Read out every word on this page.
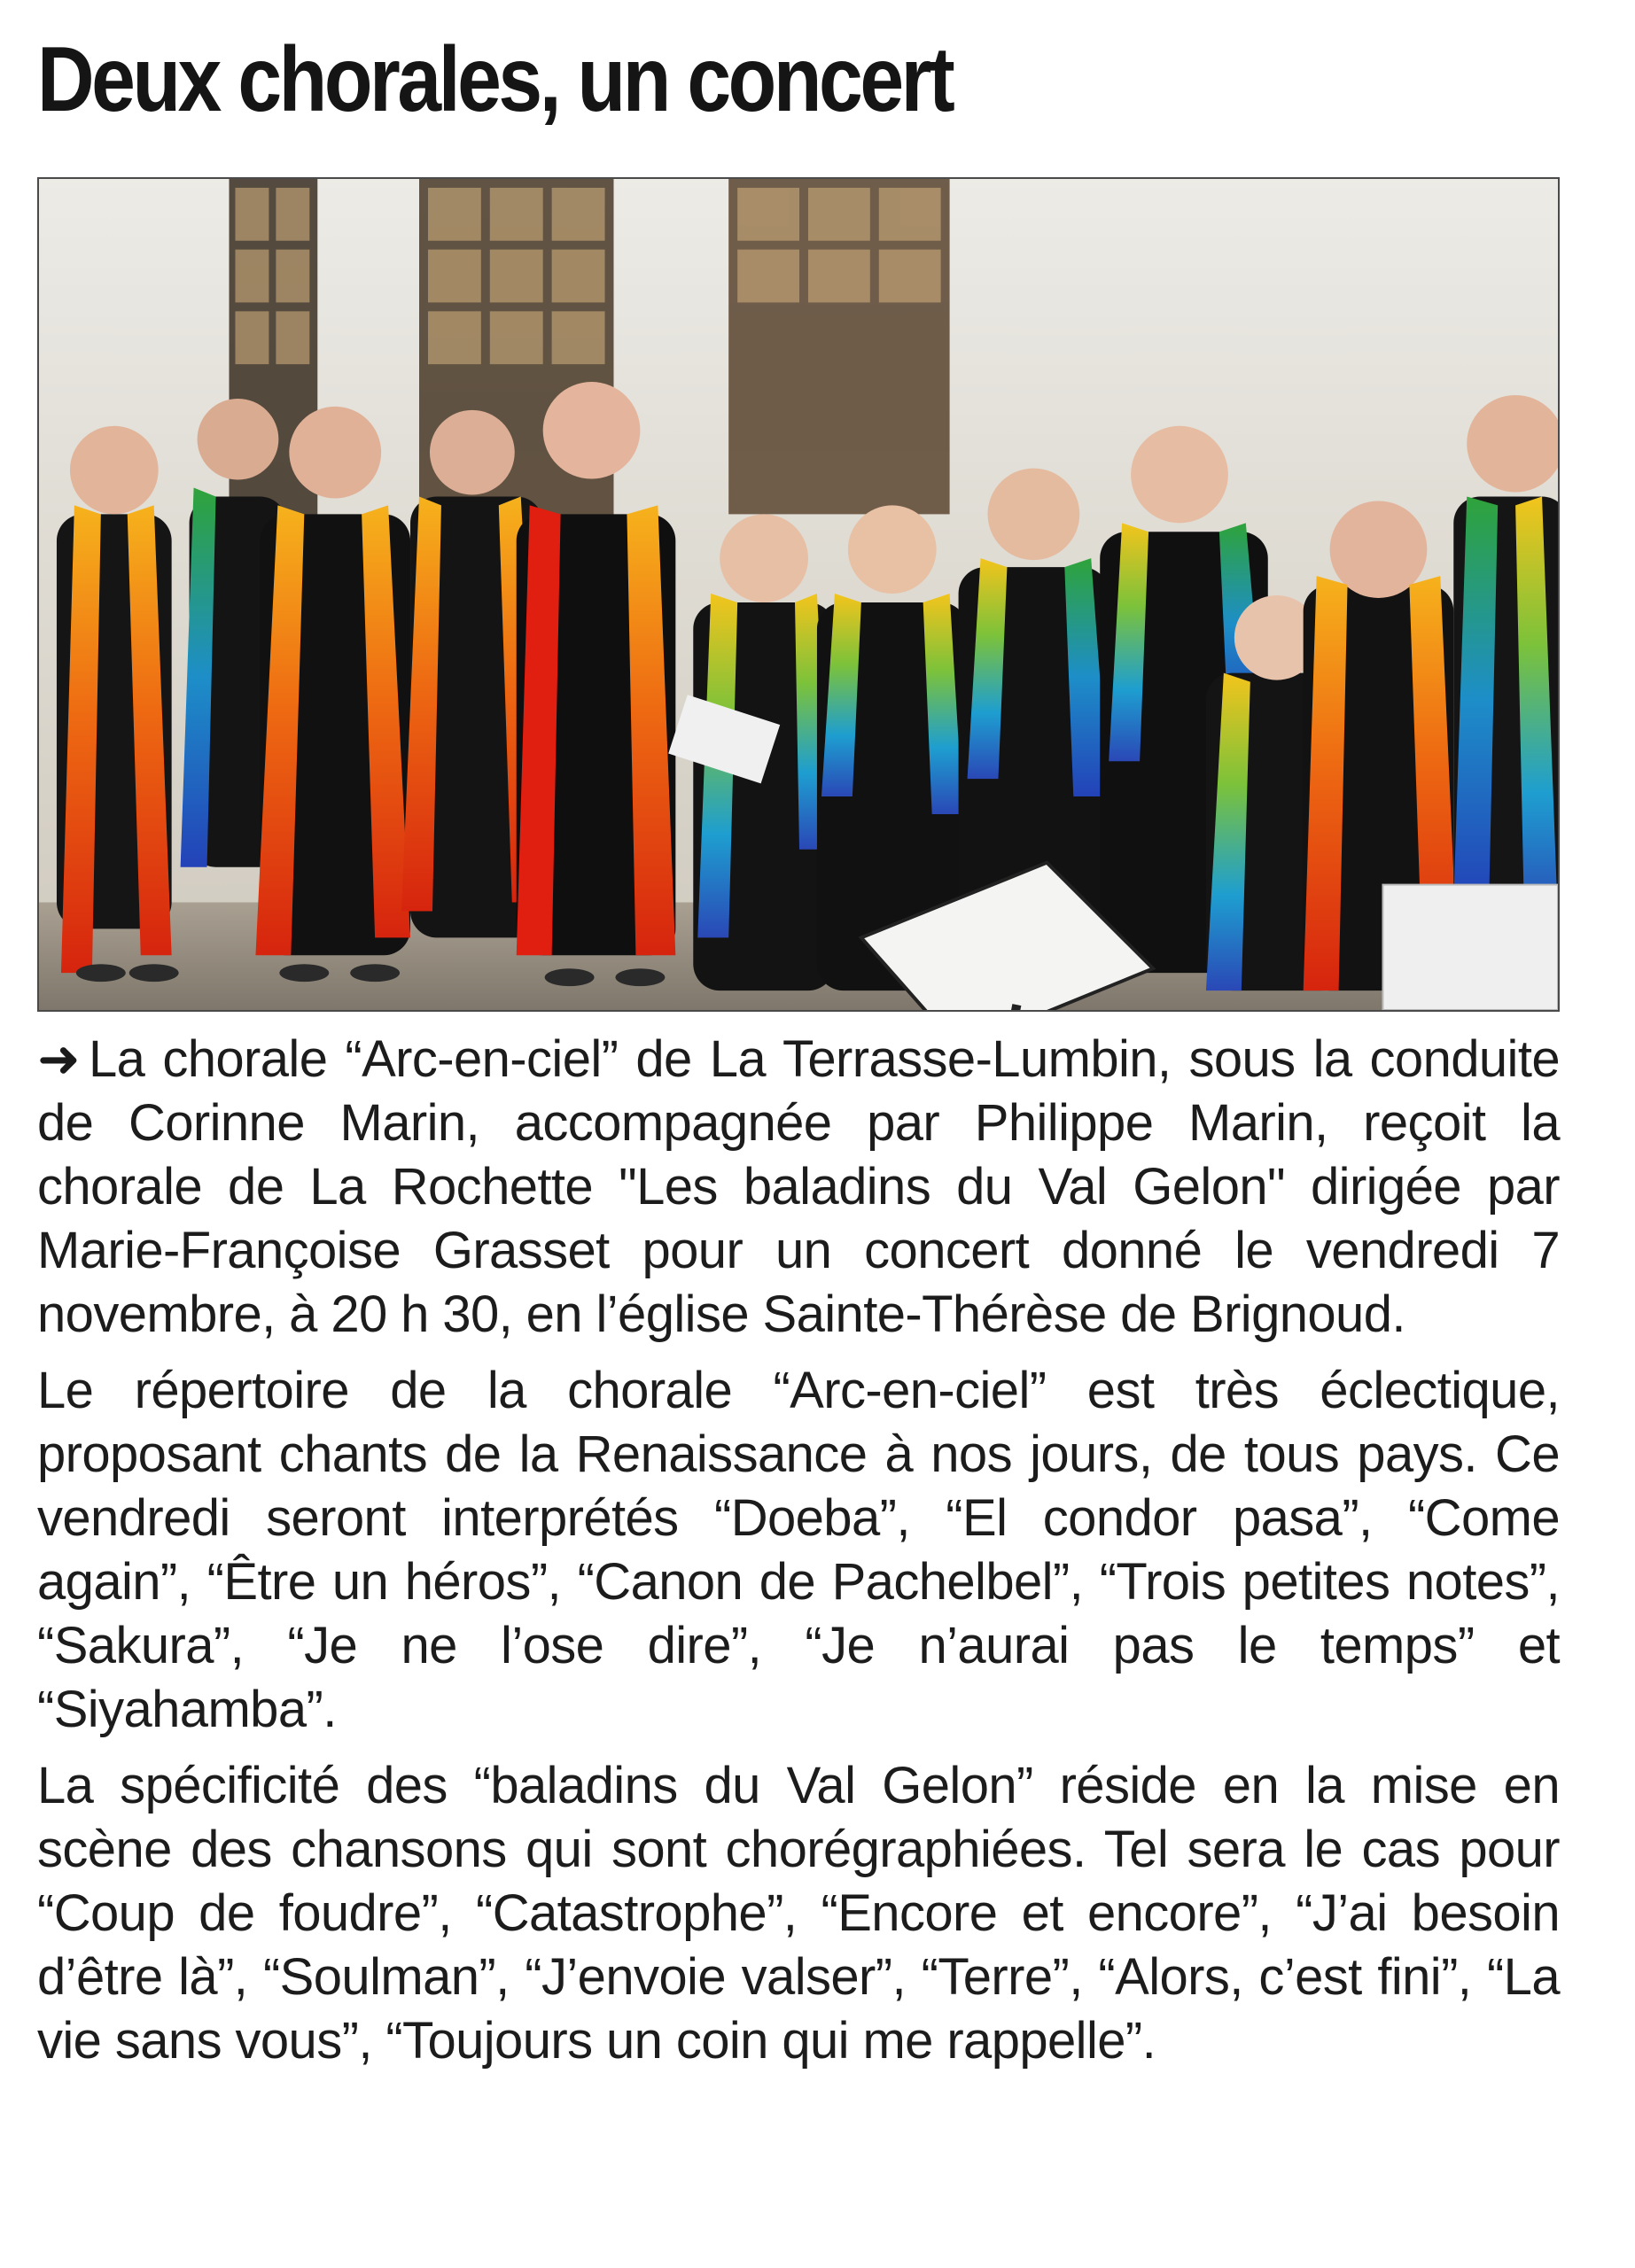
Deux chorales, un concert

➜ La chorale “Arc-en-ciel” de La Terrasse-Lumbin, sous la conduite de Corinne Marin, accompagnée par Philippe Marin, reçoit la chorale de La Rochette "Les baladins du Val Gelon" dirigée par Marie-Françoise Grasset pour un concert donné le vendredi 7 novembre, à 20 h 30, en l’église Sainte-Thérèse de Brignoud.

Le répertoire de la chorale “Arc-en-ciel” est très éclectique, proposant chants de la Renaissance à nos jours, de tous pays. Ce vendredi seront interprétés “Doeba”, “El condor pasa”, “Come again”, “Être un héros”, “Canon de Pachelbel”, “Trois petites notes”, “Sakura”, “Je ne l’ose dire”, “Je n’aurai pas le temps” et “Siyahamba”.

La spécificité des “baladins du Val Gelon” réside en la mise en scène des chansons qui sont chorégraphiées. Tel sera le cas pour “Coup de foudre”, “Catastrophe”, “Encore et encore”, “J’ai besoin d’être là”, “Soulman”, “J’envoie valser”, “Terre”, “Alors, c’est fini”, “La vie sans vous”, “Toujours un coin qui me rappelle”.
